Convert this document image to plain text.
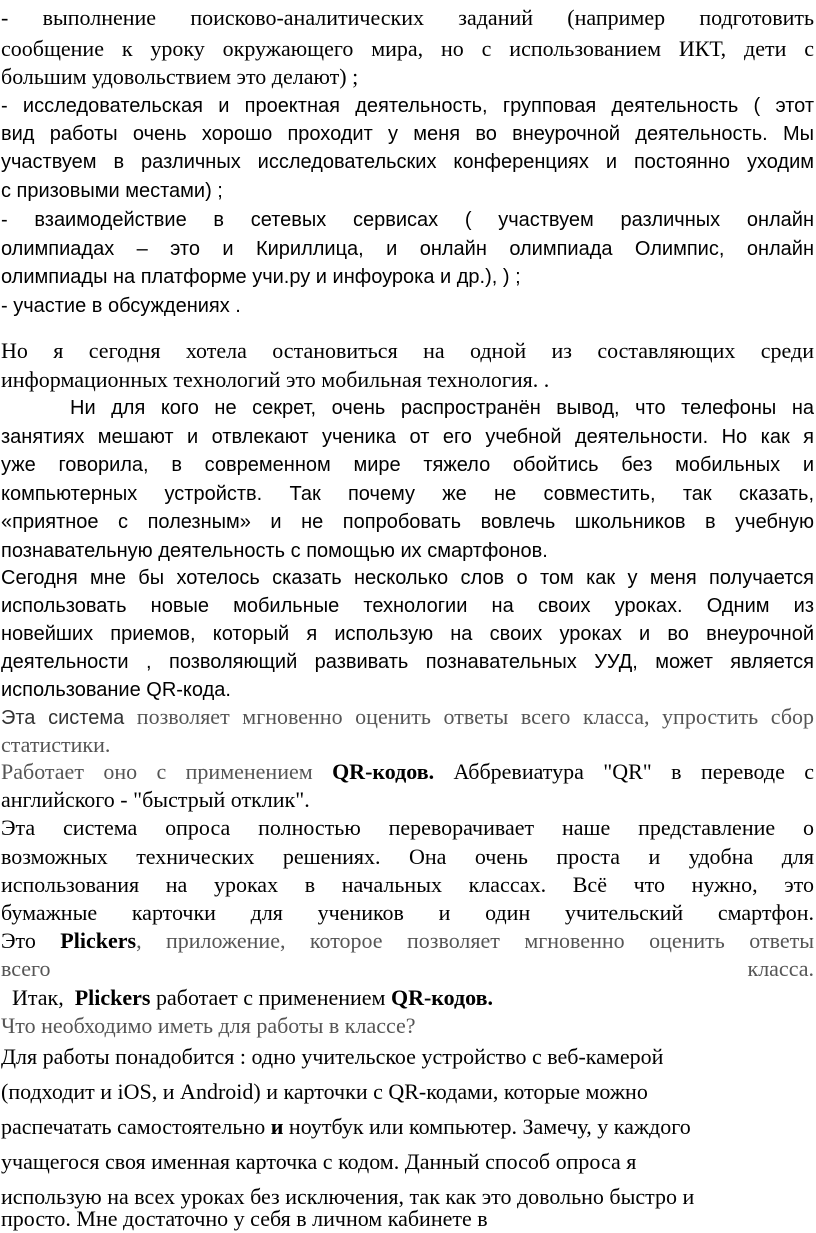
- выполнение поисково-аналитических заданий (например подготовить
сообщение к уроку окружающего мира, но с использованием ИКТ, дети с
большим удовольствием это делают) ;
- исследовательская и проектная деятельность, групповая деятельность ( этот
вид работы очень хорошо проходит у меня во внеурочной деятельность. Мы
участвуем в различных исследовательских конференциях и постоянно уходим
с призовыми местами) ;
- взаимодействие в сетевых сервисах ( участвуем различных онлайн
олимпиадах – это и Кириллица, и онлайн олимпиада Олимпис, онлайн
олимпиады на платформе учи.ру и инфоурока и др.), ) ;
- участие в обсуждениях .
Но я сегодня хотела остановиться на одной из составляющих среди
информационных технологий это мобильная технология. .
Ни для кого не секрет, очень распространён вывод, что телефоны на
занятиях мешают и отвлекают ученика от его учебной деятельности. Но как я
уже говорила, в современном мире тяжело обойтись без мобильных и
компьютерных устройств. Так почему же не совместить, так сказать,
«приятное с полезным» и не попробовать вовлечь школьников в учебную
познавательную деятельность с помощью их смартфонов.
Сегодня мне бы хотелось сказать несколько слов о том как у меня получается
использовать новые мобильные технологии на своих уроках. Одним из
новейших приемов, который я использую на своих уроках и во внеурочной
деятельности , позволяющий развивать познавательных УУД, может является
использование QR-кода.
Эта система позволяет мгновенно оценить ответы всего класса, упростить сбор
статистики.
Работает оно с применением QR-кодов. Аббревиатура "QR" в переводе с
английского - "быстрый отклик".
Эта система опроса полностью переворачивает наше представление о
возможных технических решениях. Она очень проста и удобна для
использования на уроках в начальных классах. Всё что нужно, это
бумажные карточки для учеников и один учительский смартфон.
Это Plickers, приложение, которое позволяет мгновенно оценить ответы
всего	класса.
Итак,  Plickers работает с применением QR-кодов.
Что необходимо иметь для работы в классе?
Для работы понадобится : одно учительское устройство с веб-камерой
(подходит и iOS, и Android) и карточки с QR-кодами, которые можно
распечатать самостоятельно и ноутбук или компьютер. Замечу, у каждого
учащегося своя именная карточка с кодом. Данный способ опроса я
использую на всех уроках без исключения, так как это довольно быстро и
просто. Мне достаточно у себя в личном кабинете в
